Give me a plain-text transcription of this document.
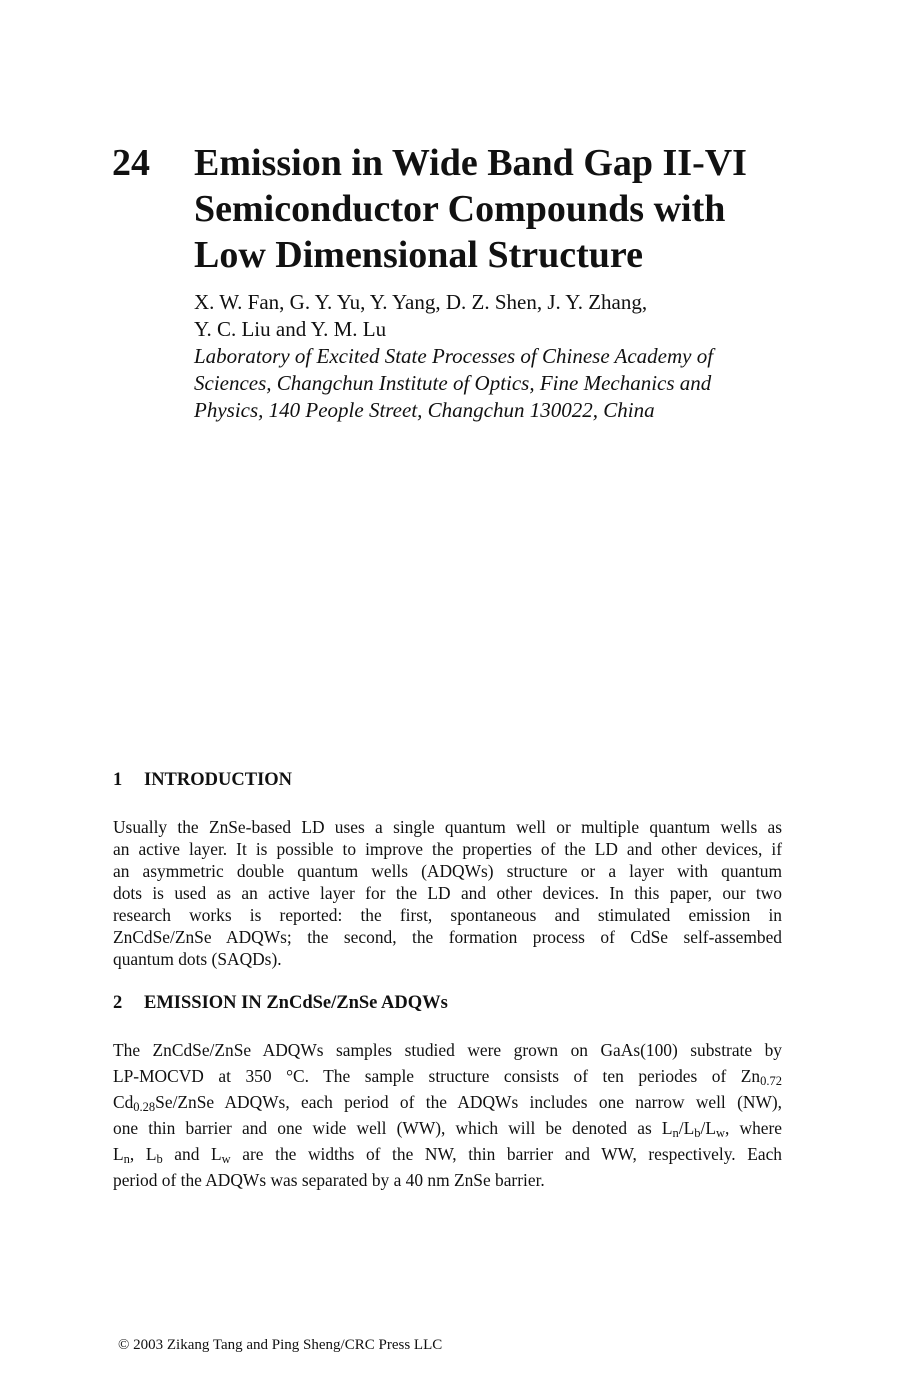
24 Emission in Wide Band Gap II-VI
Semiconductor Compounds with
Low Dimensional Structure
X. W. Fan, G. Y. Yu, Y. Yang, D. Z. Shen, J. Y. Zhang,
Y. C. Liu and Y. M. Lu
Laboratory of Excited State Processes of Chinese Academy of
Sciences, Changchun Institute of Optics, Fine Mechanics and
Physics, 140 People Street, Changchun 130022, China
1 INTRODUCTION
Usually the ZnSe-based LD uses a single quantum well or multiple quantum wells as
an active layer. It is possible to improve the properties of the LD and other devices, if
an asymmetric double quantum wells (ADQWs) structure or a layer with quantum
dots is used as an active layer for the LD and other devices. In this paper, our two
research works is reported: the first, spontaneous and stimulated emission in
ZnCdSe/ZnSe ADQWs; the second, the formation process of CdSe self-assembed
quantum dots (SAQDs).
2 EMISSION IN ZnCdSe/ZnSe ADQWs
The ZnCdSe/ZnSe ADQWs samples studied were grown on GaAs(100) substrate by
LP-MOCVD at 350 °C. The sample structure consists of ten periodes of $Zn_{0.72}$
$Cd_{0.28}Se$/ZnSe ADQWs, each period of the ADQWs includes one narrow well (NW),
one thin barrier and one wide well (WW), which will be denoted as $L_n/L_b/L_w$, where
$L_n$, $L_b$ and $L_w$ are the widths of the NW, thin barrier and WW, respectively. Each
period of the ADQWs was separated by a 40 nm ZnSe barrier.
© 2003 Zikang Tang and Ping Sheng/CRC Press LLC
